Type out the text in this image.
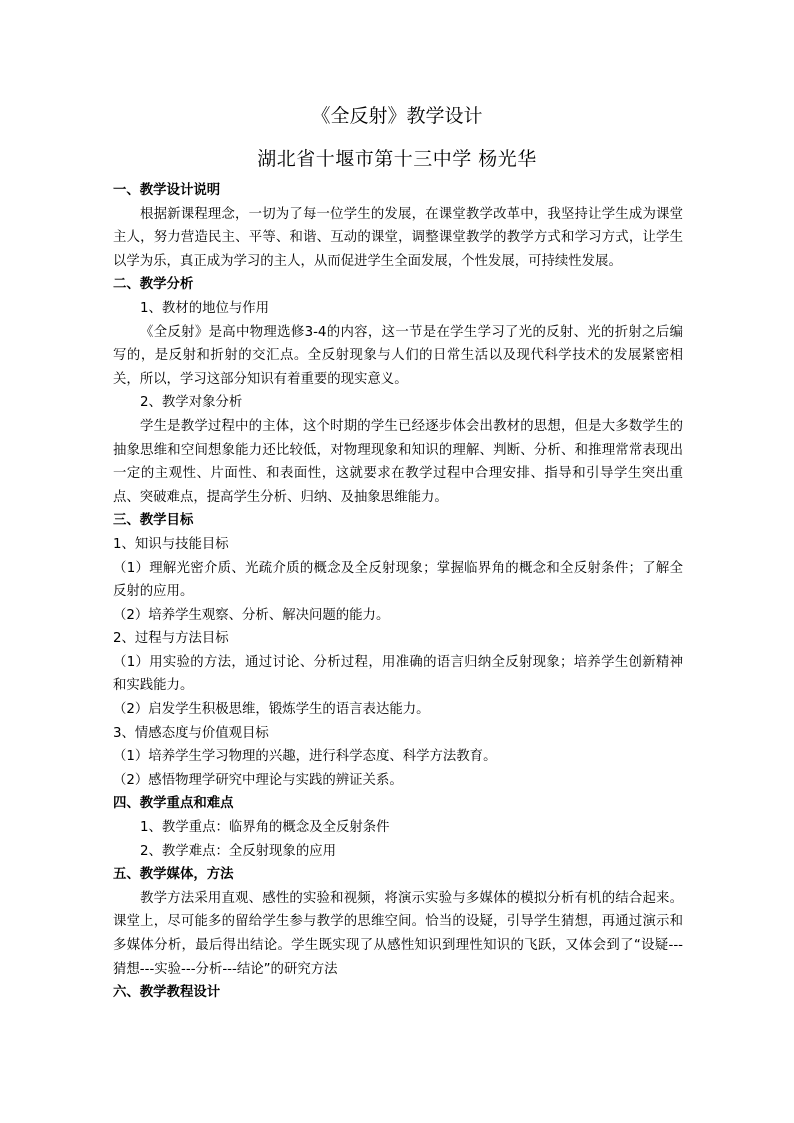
《全反射》教学设计
湖北省十堰市第十三中学 杨光华

一、教学设计说明

根据新课程理念，一切为了每一位学生的发展，在课堂教学改革中，我坚持让学生成为课堂主人，努力营造民主、平等、和谐、互动的课堂，调整课堂教学的教学方式和学习方式，让学生以学为乐，真正成为学习的主人，从而促进学生全面发展，个性发展，可持续性发展。

二、教学分析

1、教材的地位与作用

《全反射》是高中物理选修3-4的内容，这一节是在学生学习了光的反射、光的折射之后编写的，是反射和折射的交汇点。全反射现象与人们的日常生活以及现代科学技术的发展紧密相关，所以，学习这部分知识有着重要的现实意义。

2、教学对象分析

学生是教学过程中的主体，这个时期的学生已经逐步体会出教材的思想，但是大多数学生的抽象思维和空间想象能力还比较低，对物理现象和知识的理解、判断、分析、和推理常常表现出一定的主观性、片面性、和表面性，这就要求在教学过程中合理安排、指导和引导学生突出重点、突破难点，提高学生分析、归纳、及抽象思维能力。

三、教学目标

1、知识与技能目标

（1）理解光密介质、光疏介质的概念及全反射现象；掌握临界角的概念和全反射条件；了解全反射的应用。

（2）培养学生观察、分析、解决问题的能力。

2、过程与方法目标

（1）用实验的方法，通过讨论、分析过程，用准确的语言归纳全反射现象；培养学生创新精神和实践能力。

（2）启发学生积极思维，锻炼学生的语言表达能力。

3、情感态度与价值观目标

（1）培养学生学习物理的兴趣，进行科学态度、科学方法教育。

（2）感悟物理学研究中理论与实践的辨证关系。

四、教学重点和难点

1、教学重点：临界角的概念及全反射条件

2、教学难点：全反射现象的应用

五、教学媒体，方法

教学方法采用直观、感性的实验和视频，将演示实验与多媒体的模拟分析有机的结合起来。课堂上，尽可能多的留给学生参与教学的思维空间。恰当的设疑，引导学生猜想，再通过演示和多媒体分析，最后得出结论。学生既实现了从感性知识到理性知识的飞跃，又体会到了“设疑---猜想---实验---分析---结论”的研究方法

六、教学教程设计
